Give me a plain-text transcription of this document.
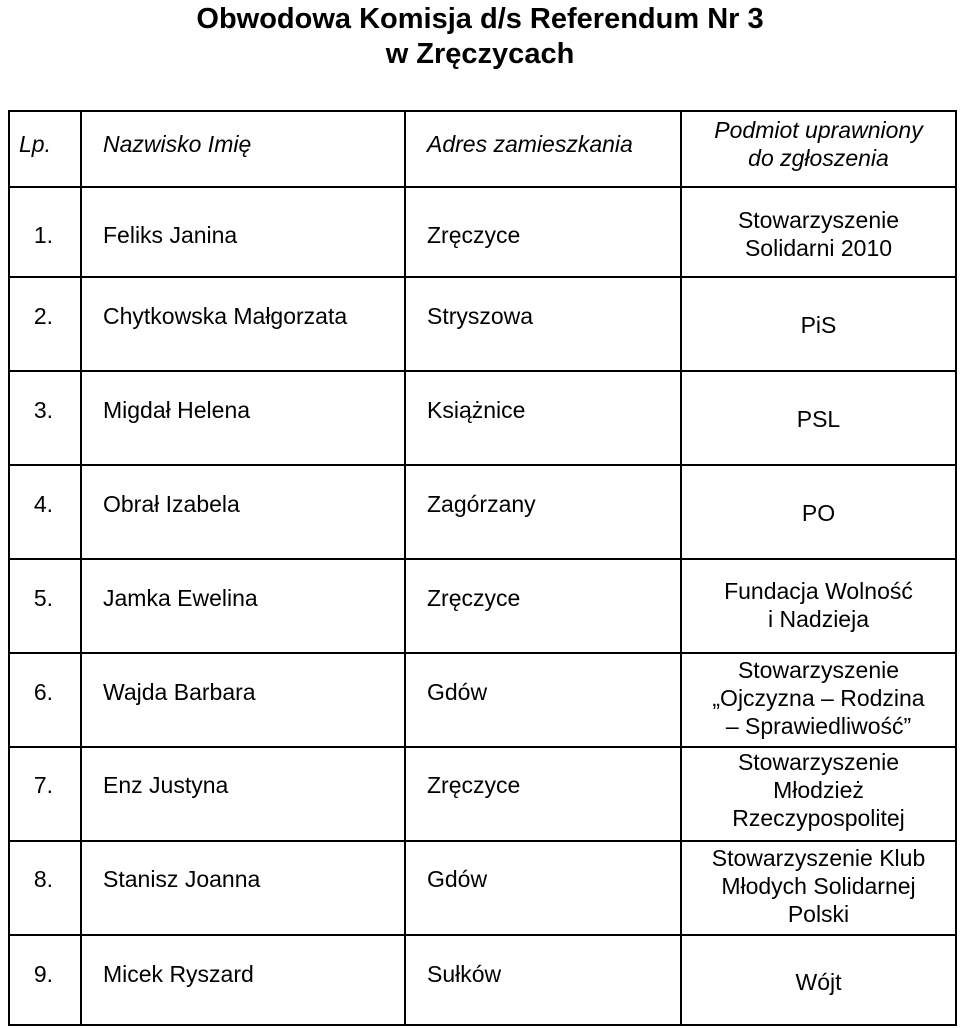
Obwodowa Komisja d/s Referendum Nr 3
w Zręczycach
Lp.	Nazwisko Imię	Adres zamieszkania	Podmiot uprawniony
do zgłoszenia

1.	Feliks Janina	Zręczyce	Stowarzyszenie
Solidarni 2010

2.	Chytkowska Małgorzata	Stryszowa	PiS

3.	Migdał Helena	Książnice	PSL

4.	Obrał Izabela	Zagórzany	PO

5.	Jamka Ewelina	Zręczyce	Fundacja Wolność
i Nadzieja

6.	Wajda Barbara	Gdów	Stowarzyszenie
„Ojczyzna – Rodzina
– Sprawiedliwość”

7.	Enz Justyna	Zręczyce	Stowarzyszenie
Młodzież
Rzeczypospolitej

8.	Stanisz Joanna	Gdów	Stowarzyszenie Klub
Młodych Solidarnej
Polski

9.	Micek Ryszard	Sułków	Wójt
